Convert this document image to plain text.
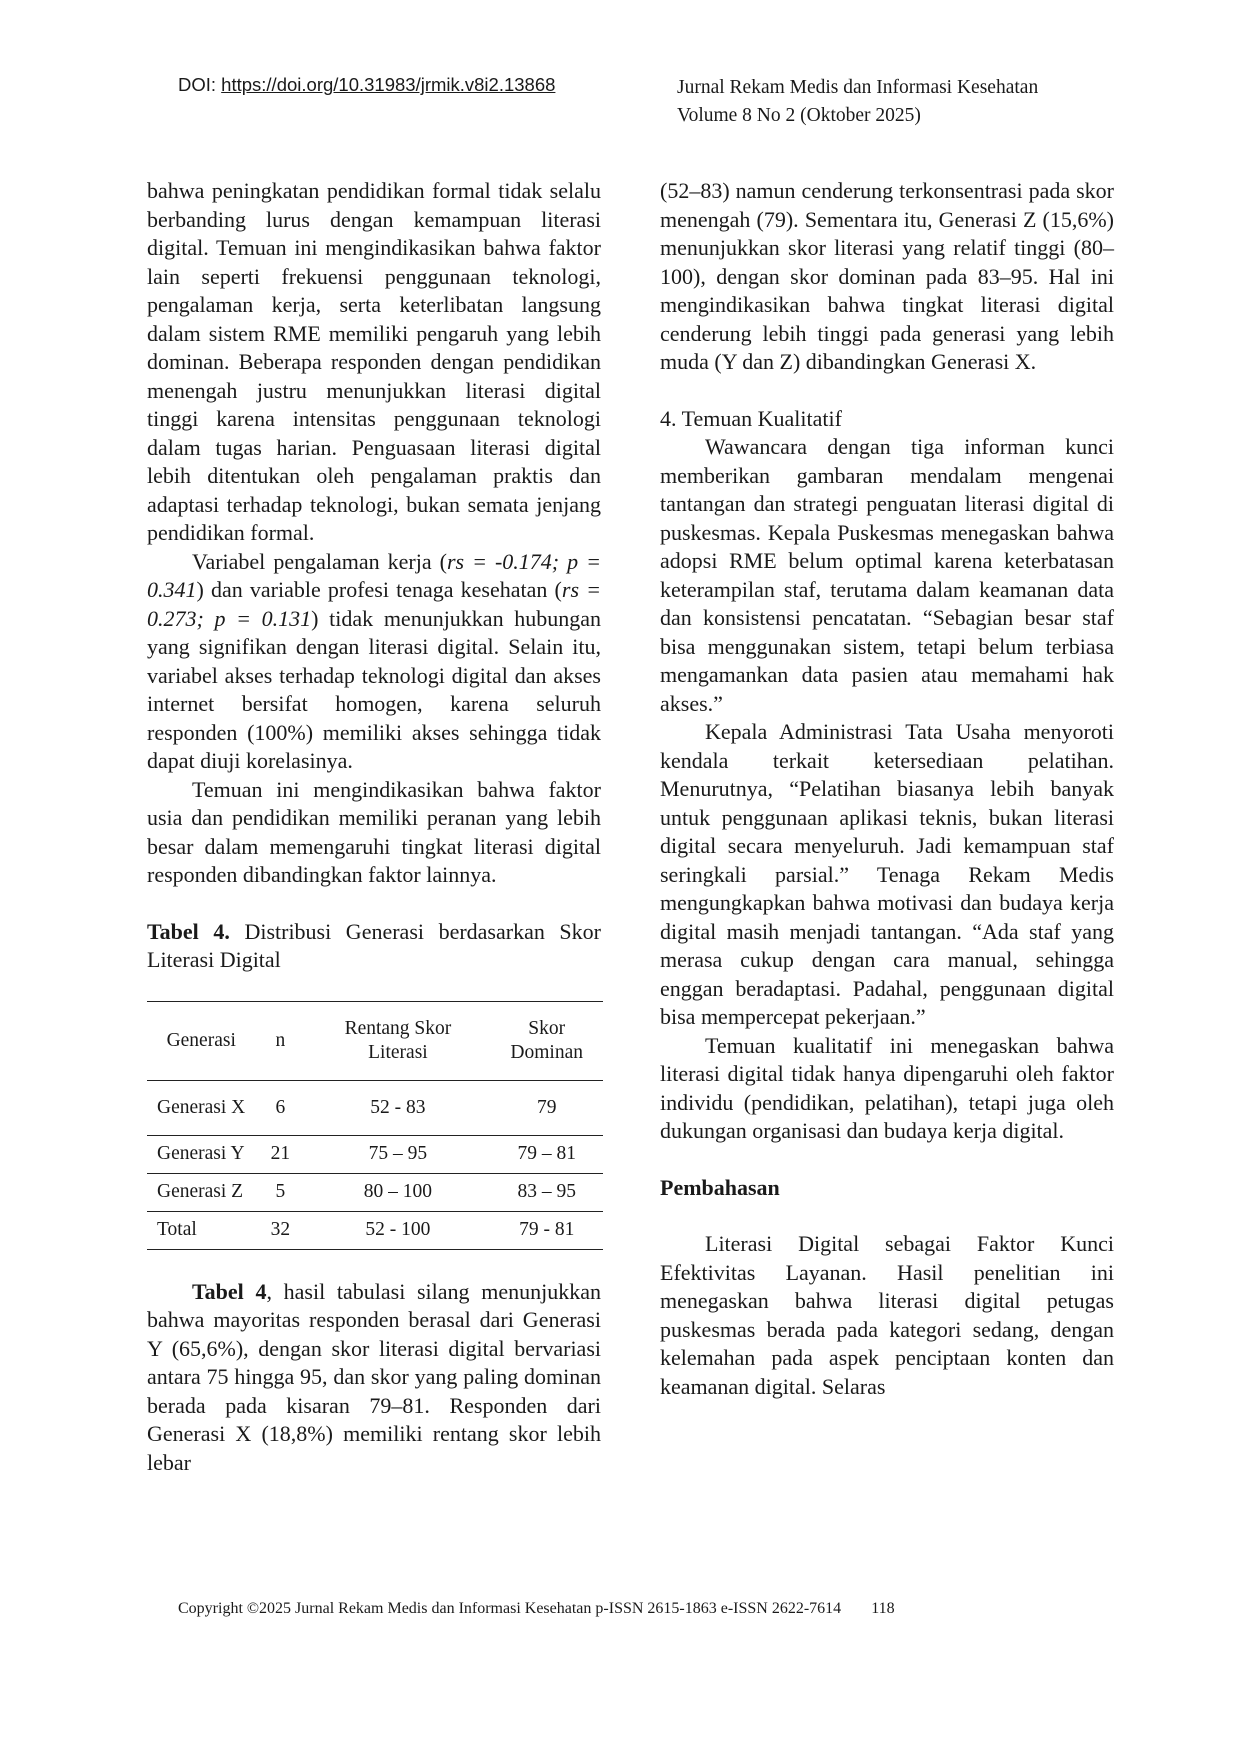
DOI: https://doi.org/10.31983/jrmik.v8i2.13868	Jurnal Rekam Medis dan Informasi Kesehatan
Volume 8 No 2 (Oktober 2025)

bahwa peningkatan pendidikan formal tidak selalu berbanding lurus dengan kemampuan literasi digital. Temuan ini mengindikasikan bahwa faktor lain seperti frekuensi penggunaan teknologi, pengalaman kerja, serta keterlibatan langsung dalam sistem RME memiliki pengaruh yang lebih dominan. Beberapa responden dengan pendidikan menengah justru menunjukkan literasi digital tinggi karena intensitas penggunaan teknologi dalam tugas harian. Penguasaan literasi digital lebih ditentukan oleh pengalaman praktis dan adaptasi terhadap teknologi, bukan semata jenjang pendidikan formal.

Variabel pengalaman kerja (rs = -0.174; p = 0.341) dan variable profesi tenaga kesehatan (rs = 0.273; p = 0.131) tidak menunjukkan hubungan yang signifikan dengan literasi digital. Selain itu, variabel akses terhadap teknologi digital dan akses internet bersifat homogen, karena seluruh responden (100%) memiliki akses sehingga tidak dapat diuji korelasinya.

Temuan ini mengindikasikan bahwa faktor usia dan pendidikan memiliki peranan yang lebih besar dalam memengaruhi tingkat literasi digital responden dibandingkan faktor lainnya.

Tabel 4. Distribusi Generasi berdasarkan Skor Literasi Digital

Generasi	n	Rentang Skor Literasi	Skor Dominan
Generasi X	6	52 - 83	79
Generasi Y	21	75 – 95	79 – 81
Generasi Z	5	80 – 100	83 – 95
Total	32	52 - 100	79 - 81

Tabel 4, hasil tabulasi silang menunjukkan bahwa mayoritas responden berasal dari Generasi Y (65,6%), dengan skor literasi digital bervariasi antara 75 hingga 95, dan skor yang paling dominan berada pada kisaran 79–81. Responden dari Generasi X (18,8%) memiliki rentang skor lebih lebar

(52–83) namun cenderung terkonsentrasi pada skor menengah (79). Sementara itu, Generasi Z (15,6%) menunjukkan skor literasi yang relatif tinggi (80–100), dengan skor dominan pada 83–95. Hal ini mengindikasikan bahwa tingkat literasi digital cenderung lebih tinggi pada generasi yang lebih muda (Y dan Z) dibandingkan Generasi X.

4. Temuan Kualitatif

Wawancara dengan tiga informan kunci memberikan gambaran mendalam mengenai tantangan dan strategi penguatan literasi digital di puskesmas. Kepala Puskesmas menegaskan bahwa adopsi RME belum optimal karena keterbatasan keterampilan staf, terutama dalam keamanan data dan konsistensi pencatatan. “Sebagian besar staf bisa menggunakan sistem, tetapi belum terbiasa mengamankan data pasien atau memahami hak akses.”

Kepala Administrasi Tata Usaha menyoroti kendala terkait ketersediaan pelatihan. Menurutnya, “Pelatihan biasanya lebih banyak untuk penggunaan aplikasi teknis, bukan literasi digital secara menyeluruh. Jadi kemampuan staf seringkali parsial.” Tenaga Rekam Medis mengungkapkan bahwa motivasi dan budaya kerja digital masih menjadi tantangan. “Ada staf yang merasa cukup dengan cara manual, sehingga enggan beradaptasi. Padahal, penggunaan digital bisa mempercepat pekerjaan.”

Temuan kualitatif ini menegaskan bahwa literasi digital tidak hanya dipengaruhi oleh faktor individu (pendidikan, pelatihan), tetapi juga oleh dukungan organisasi dan budaya kerja digital.

Pembahasan

Literasi Digital sebagai Faktor Kunci Efektivitas Layanan. Hasil penelitian ini menegaskan bahwa literasi digital petugas puskesmas berada pada kategori sedang, dengan kelemahan pada aspek penciptaan konten dan keamanan digital. Selaras

Copyright ©2025 Jurnal Rekam Medis dan Informasi Kesehatan p-ISSN 2615-1863 e-ISSN 2622-7614 118
